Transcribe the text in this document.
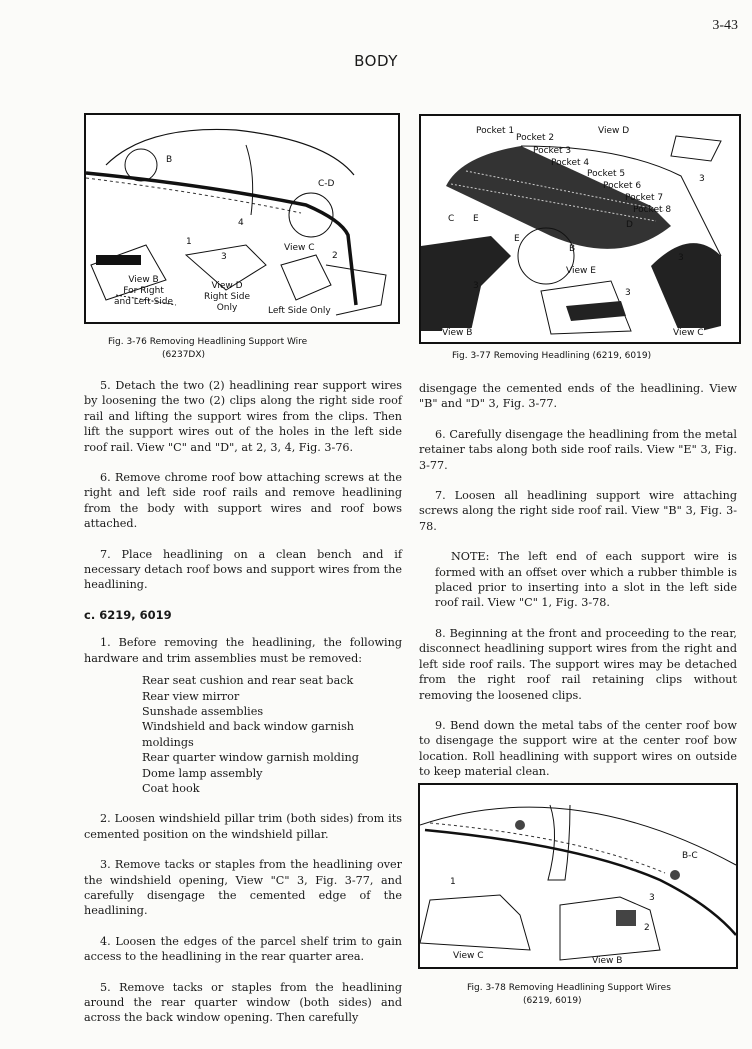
3-43
BODY
B
C-D
1
4
3
View C
2
View B
For Right
and Left Side
View D
Right Side
Only	Left Side Only
Fig. 3-76 Removing Headlining Support Wire
(6237DX)
Pocket 1
Pocket 2
Pocket 3
Pocket 4
Pocket 5
Pocket 6
Pocket 7
Pocket 8
View D
3
C E
E
D
B
View E
3
3
3
View B	View C
Fig. 3-77 Removing Headlining (6219, 6019)

5. Detach the two (2) headlining rear support wires by loosening the two (2) clips along the right side roof rail and lifting the support wires from the clips. Then lift the support wires out of the holes in the left side roof rail. View "C" and "D", at 2, 3, 4, Fig. 3-76.

6. Remove chrome roof bow attaching screws at the right and left side roof rails and remove headlining from the body with support wires and roof bows attached.

7. Place headlining on a clean bench and if necessary detach roof bows and support wires from the headlining.

c. 6219, 6019

1. Before removing the headlining, the following hardware and trim assemblies must be removed:

Rear seat cushion and rear seat back
Rear view mirror
Sunshade assemblies
Windshield and back window garnish moldings
Rear quarter window garnish molding
Dome lamp assembly
Coat hook

2. Loosen windshield pillar trim (both sides) from its cemented position on the windshield pillar.

3. Remove tacks or staples from the headlining over the windshield opening, View "C" 3, Fig. 3-77, and carefully disengage the cemented edge of the headlining.

4. Loosen the edges of the parcel shelf trim to gain access to the headlining in the rear quarter area.

5. Remove tacks or staples from the headlining around the rear quarter window (both sides) and across the back window opening. Then carefully

disengage the cemented ends of the headlining. View "B" and "D" 3, Fig. 3-77.

6. Carefully disengage the headlining from the metal retainer tabs along both side roof rails. View "E" 3, Fig. 3-77.

7. Loosen all headlining support wire attaching screws along the right side roof rail. View "B" 3, Fig. 3-78.

NOTE: The left end of each support wire is formed with an offset over which a rubber thimble is placed prior to inserting into a slot in the left side roof rail. View "C" 1, Fig. 3-78.

8. Beginning at the front and proceeding to the rear, disconnect headlining support wires from the right and left side roof rails. The support wires may be detached from the right roof rail retaining clips without removing the loosened clips.

9. Bend down the metal tabs of the center roof bow to disengage the support wire at the center roof bow location. Roll headlining with support wires on outside to keep material clean.

B-C
1
3
2
View C	View B
Fig. 3-78 Removing Headlining Support Wires
(6219, 6019)
